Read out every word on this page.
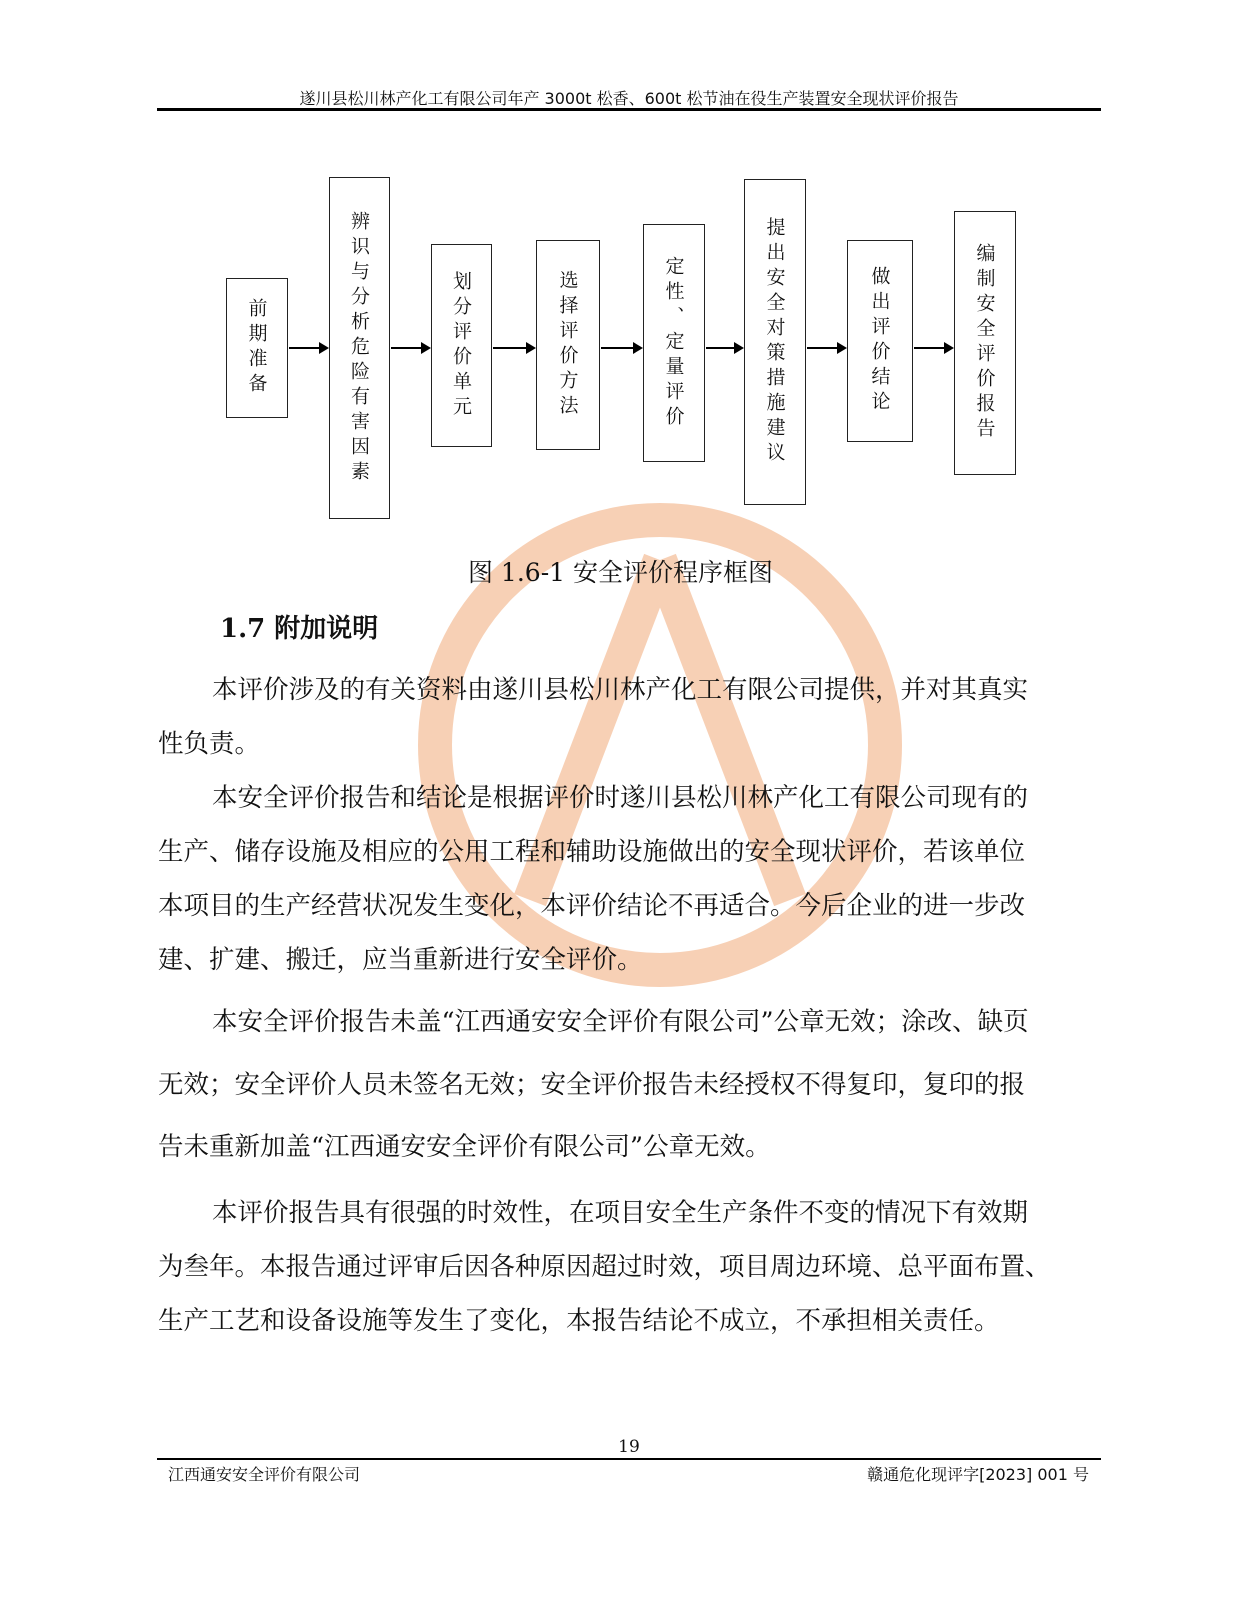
遂川县松川林产化工有限公司年产 3000t 松香、600t 松节油在役生产装置安全现状评价报告
前期准备	辨识与分析危险有害因素	划分评价单元	选择评价方法	定性、定量评价	提出安全对策措施建议	做出评价结论	编制安全评价报告
图 1.6-1 安全评价程序框图
1.7 附加说明
本评价涉及的有关资料由遂川县松川林产化工有限公司提供，并对其真实
性负责。
本安全评价报告和结论是根据评价时遂川县松川林产化工有限公司现有的
生产、储存设施及相应的公用工程和辅助设施做出的安全现状评价，若该单位
本项目的生产经营状况发生变化，本评价结论不再适合。今后企业的进一步改
建、扩建、搬迁，应当重新进行安全评价。
本安全评价报告未盖“江西通安安全评价有限公司”公章无效；涂改、缺页
无效；安全评价人员未签名无效；安全评价报告未经授权不得复印，复印的报
告未重新加盖“江西通安安全评价有限公司”公章无效。
本评价报告具有很强的时效性，在项目安全生产条件不变的情况下有效期
为叁年。本报告通过评审后因各种原因超过时效，项目周边环境、总平面布置、
生产工艺和设备设施等发生了变化，本报告结论不成立，不承担相关责任。
19
江西通安安全评价有限公司	赣通危化现评字[2023] 001 号
